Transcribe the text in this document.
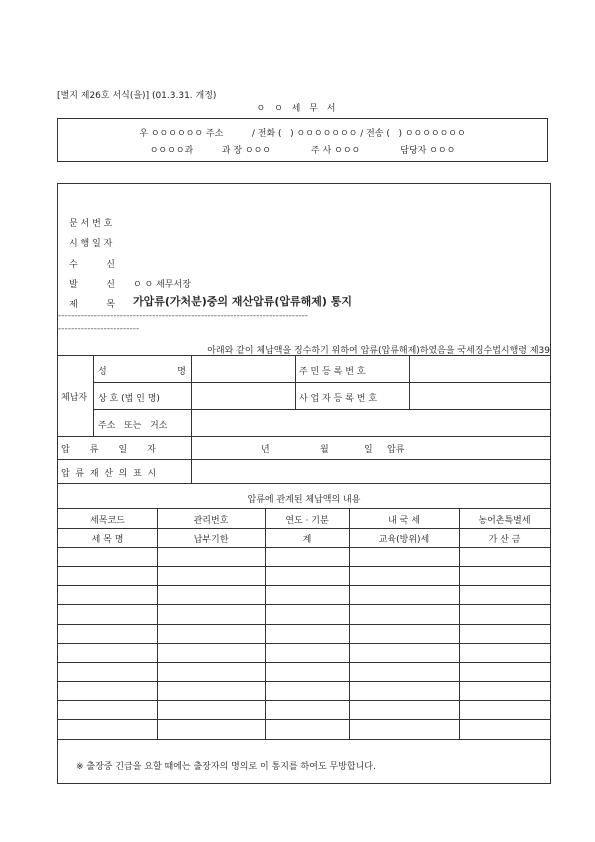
[별지 제26호 서식(을)] (01.3.31. 개정)
ㅇ ㅇ 세 무 서
우 ㅇㅇㅇㅇㅇㅇ 주소          / 전화 (   ) ㅇㅇㅇㅇㅇㅇㅇ / 전송 (   ) ㅇㅇㅇㅇㅇㅇㅇ
ㅇㅇㅇㅇ과          과 장 ㅇㅇㅇ              주 사 ㅇㅇㅇ              담당자 ㅇㅇㅇ
문 서 번 호
시 행 일 자
수          신
발          신 ㅇ ㅇ 세무서장
제          목 가압류(가처분)중의 재산압류(압류해제) 통지
-----------------------------------------------------------------------------
-------------------------
아래와 같이 체납액을 징수하기 위하여 압류(압류해제)하였음을 국세징수법시행령 제39
체납자
성	명	주 민 등 록 번 호
상 호 (법 인 명)	사 업 자 등 록 번 호
주소   또는   거소
압       류       일       자	년	월	일 압류
압  류  재  산  의  표  시
압류에 관계된 체납액의 내용
세목코드	관리번호	연도 · 기분	내 국 세	농어촌특별세
세 목 명	납부기한	계	교육(방위)세	가 산 금
※ 출장중 긴급을 요할 때에는 출장자의 명의로 이 통지를 하여도 무방합니다.
